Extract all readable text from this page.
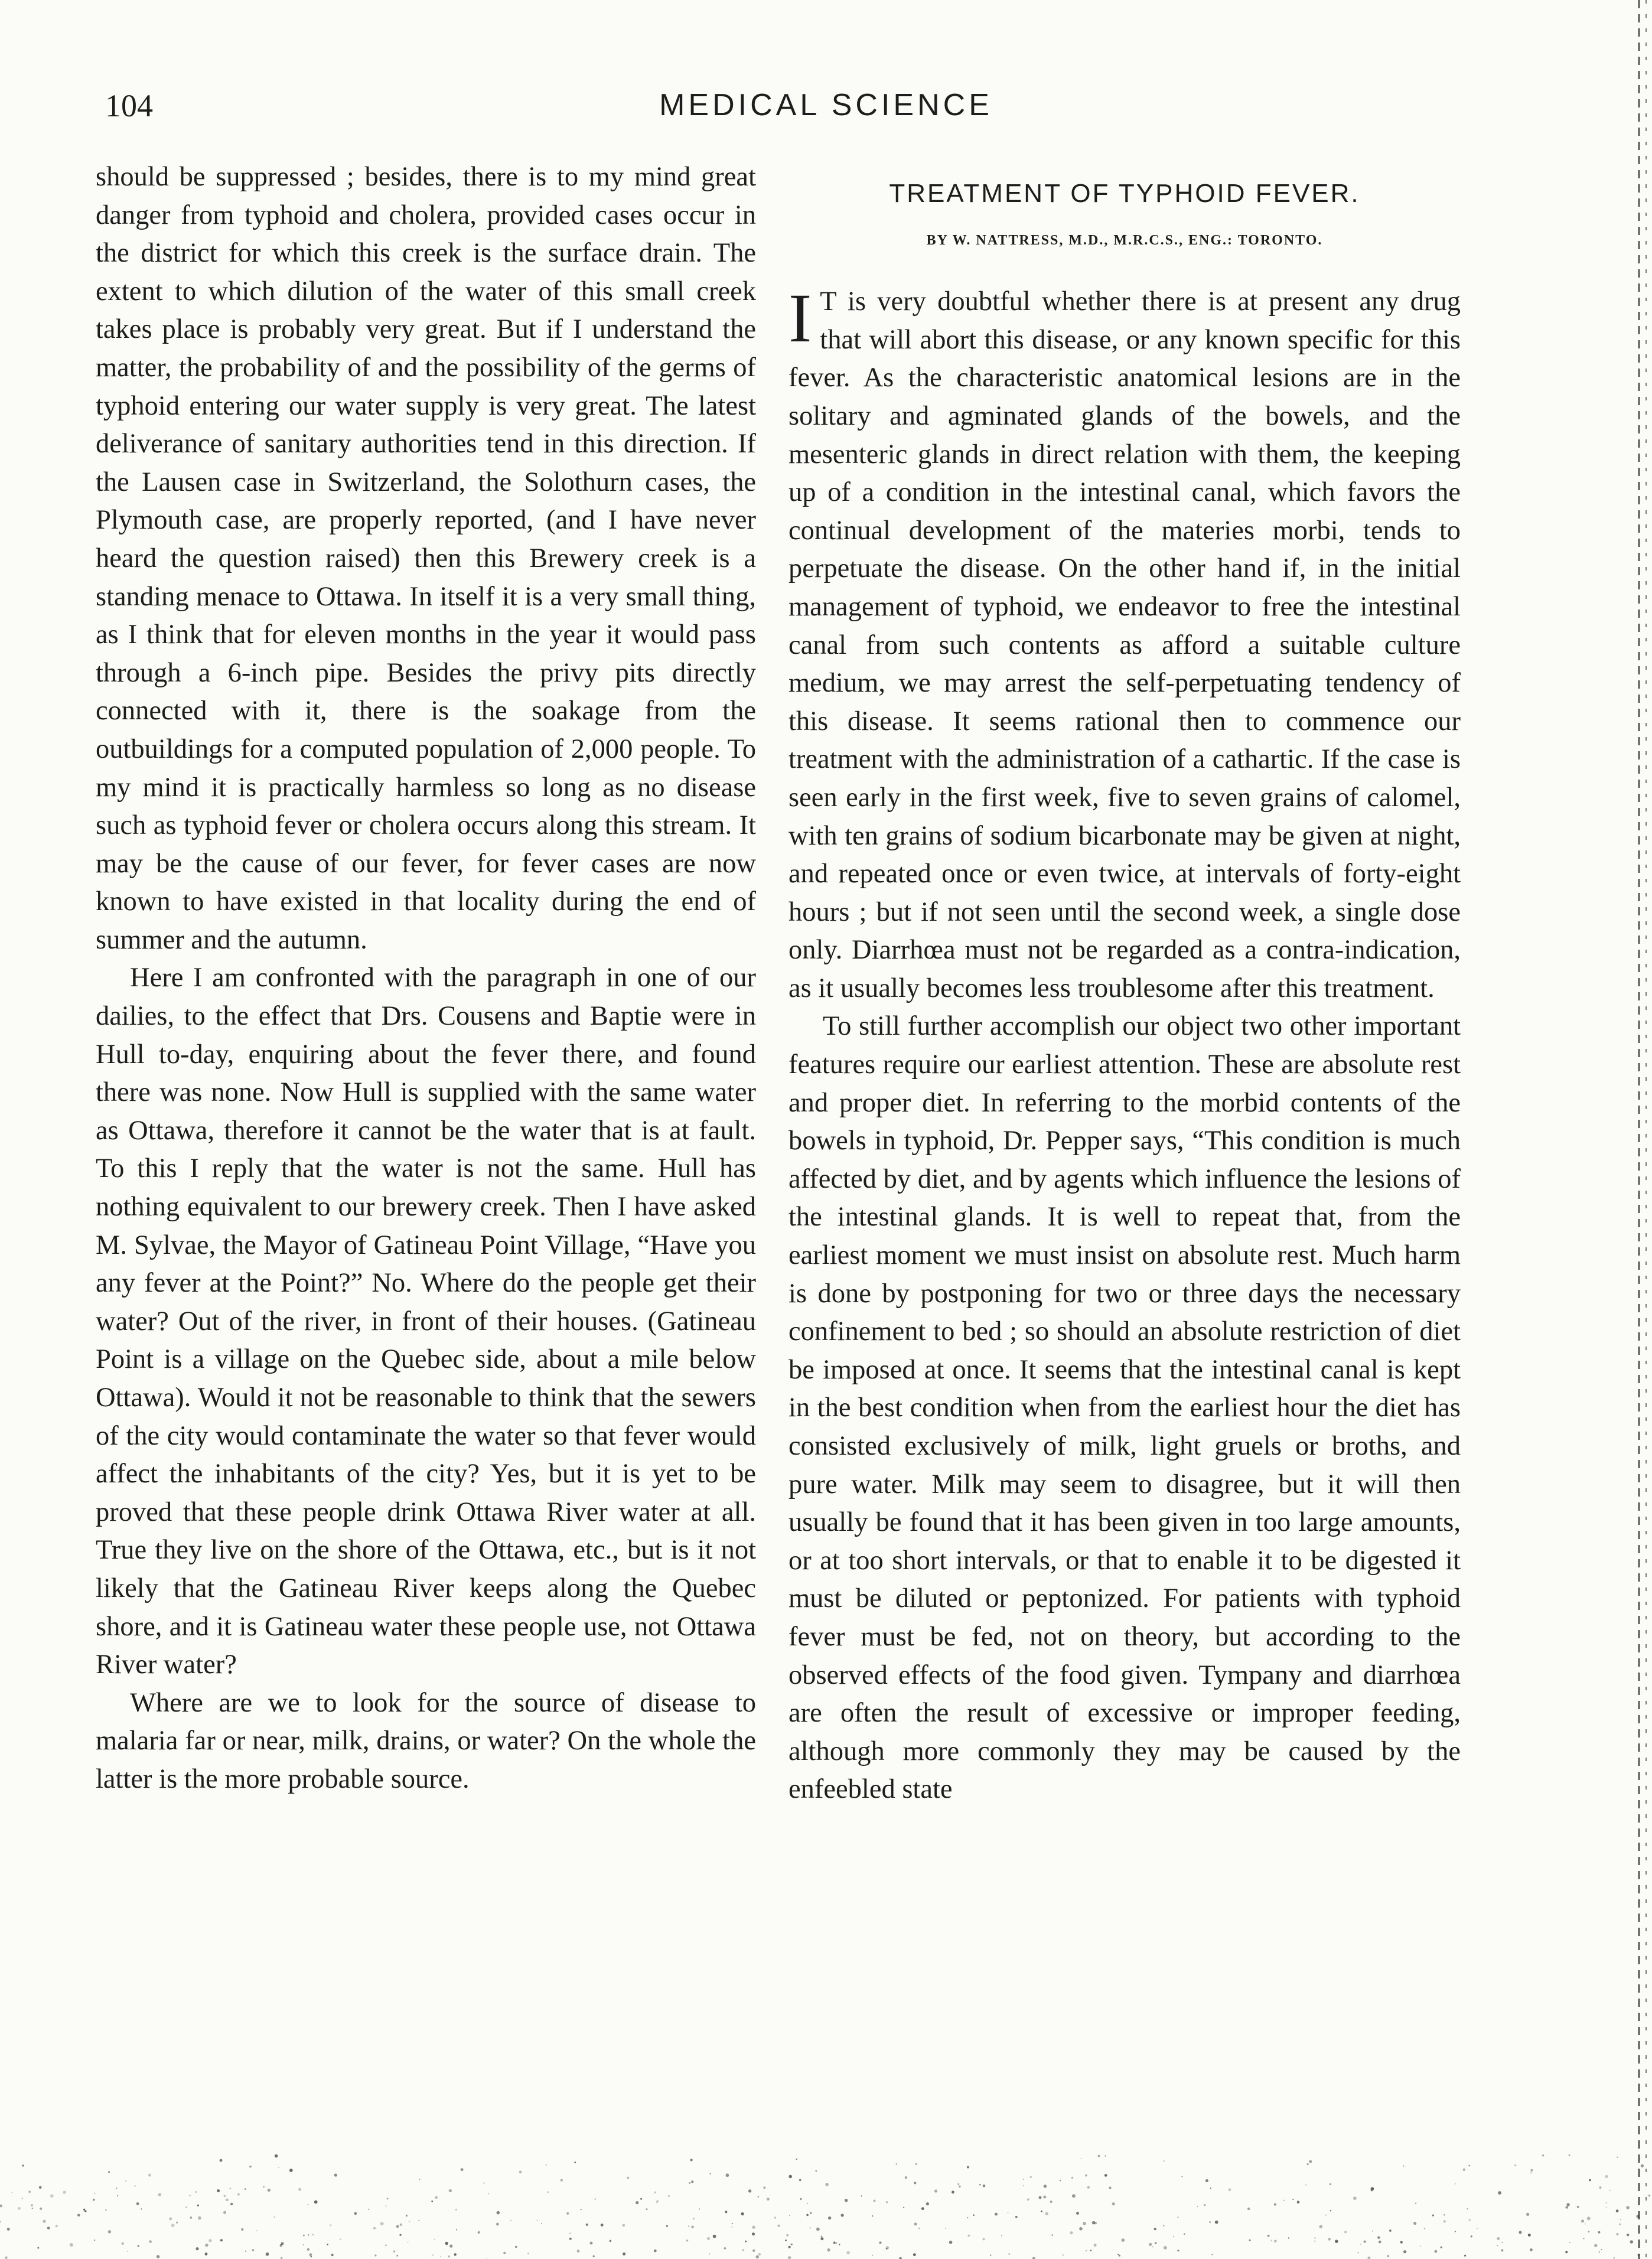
104	MEDICAL SCIENCE

should be suppressed ; besides, there is to my mind great danger from typhoid and cholera, provided cases occur in the district for which this creek is the surface drain. The extent to which dilution of the water of this small creek takes place is probably very great. But if I understand the matter, the probability of and the possibility of the germs of typhoid entering our water supply is very great. The latest deliverance of sanitary authorities tend in this direction. If the Lausen case in Switzerland, the Solothurn cases, the Plymouth case, are properly reported, (and I have never heard the question raised) then this Brewery creek is a standing menace to Ottawa. In itself it is a very small thing, as I think that for eleven months in the year it would pass through a 6-inch pipe. Besides the privy pits directly connected with it, there is the soakage from the outbuildings for a computed population of 2,000 people. To my mind it is practically harmless so long as no disease such as typhoid fever or cholera occurs along this stream. It may be the cause of our fever, for fever cases are now known to have existed in that locality during the end of summer and the autumn.

Here I am confronted with the paragraph in one of our dailies, to the effect that Drs. Cousens and Baptie were in Hull to-day, enquiring about the fever there, and found there was none. Now Hull is supplied with the same water as Ottawa, therefore it cannot be the water that is at fault. To this I reply that the water is not the same. Hull has nothing equivalent to our brewery creek. Then I have asked M. Sylvae, the Mayor of Gatineau Point Village, “Have you any fever at the Point?” No. Where do the people get their water? Out of the river, in front of their houses. (Gatineau Point is a village on the Quebec side, about a mile below Ottawa). Would it not be reasonable to think that the sewers of the city would contaminate the water so that fever would affect the inhabitants of the city? Yes, but it is yet to be proved that these people drink Ottawa River water at all. True they live on the shore of the Ottawa, etc., but is it not likely that the Gatineau River keeps along the Quebec shore, and it is Gatineau water these people use, not Ottawa River water?

Where are we to look for the source of disease to malaria far or near, milk, drains, or water? On the whole the latter is the more probable source.

TREATMENT OF TYPHOID FEVER.
BY W. NATTRESS, M.D., M.R.C.S., ENG.: TORONTO.

I T is very doubtful whether there is at present any drug that will abort this disease, or any known specific for this fever. As the characteristic anatomical lesions are in the solitary and agminated glands of the bowels, and the mesenteric glands in direct relation with them, the keeping up of a condition in the intestinal canal, which favors the continual development of the materies morbi, tends to perpetuate the disease. On the other hand if, in the initial management of typhoid, we endeavor to free the intestinal canal from such contents as afford a suitable culture medium, we may arrest the self-perpetuating tendency of this disease. It seems rational then to commence our treatment with the administration of a cathartic. If the case is seen early in the first week, five to seven grains of calomel, with ten grains of sodium bicarbonate may be given at night, and repeated once or even twice, at intervals of forty-eight hours ; but if not seen until the second week, a single dose only. Diarrhœa must not be regarded as a contra-indication, as it usually becomes less troublesome after this treatment.

To still further accomplish our object two other important features require our earliest attention. These are absolute rest and proper diet. In referring to the morbid contents of the bowels in typhoid, Dr. Pepper says, “This condition is much affected by diet, and by agents which influence the lesions of the intestinal glands. It is well to repeat that, from the earliest moment we must insist on absolute rest. Much harm is done by postponing for two or three days the necessary confinement to bed ; so should an absolute restriction of diet be imposed at once. It seems that the intestinal canal is kept in the best condition when from the earliest hour the diet has consisted exclusively of milk, light gruels or broths, and pure water. Milk may seem to disagree, but it will then usually be found that it has been given in too large amounts, or at too short intervals, or that to enable it to be digested it must be diluted or peptonized. For patients with typhoid fever must be fed, not on theory, but according to the observed effects of the food given. Tympany and diarrhœa are often the result of excessive or improper feeding, although more commonly they may be caused by the enfeebled state
